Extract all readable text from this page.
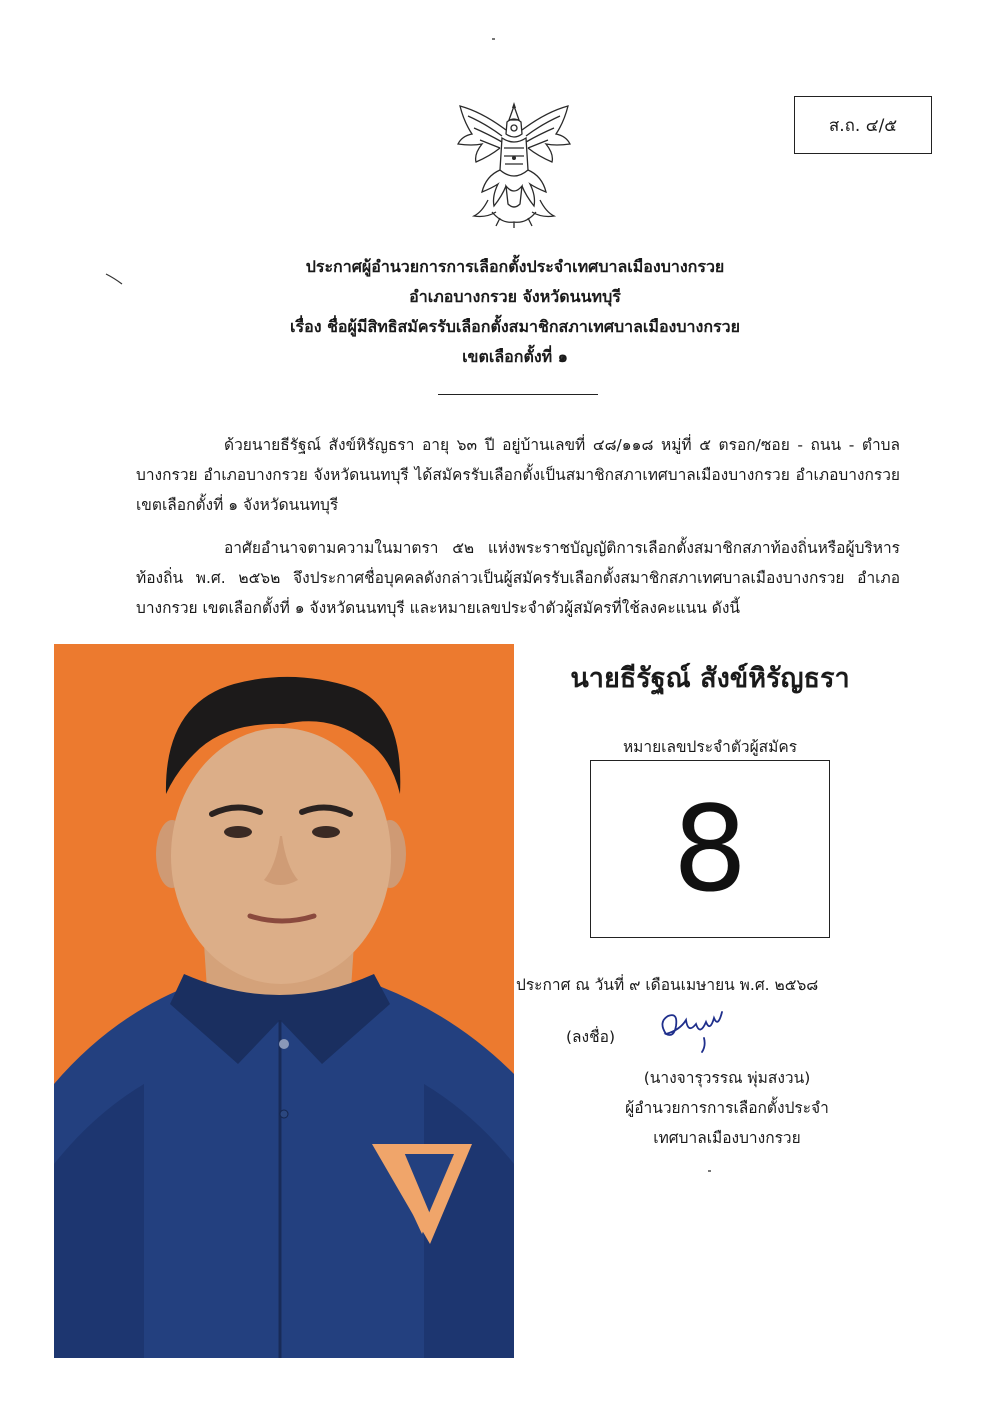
ส.ถ. ๔/๕
ประกาศผู้อำนวยการการเลือกตั้งประจำเทศบาลเมืองบางกรวย
อำเภอบางกรวย จังหวัดนนทบุรี
เรื่อง ชื่อผู้มีสิทธิสมัครรับเลือกตั้งสมาชิกสภาเทศบาลเมืองบางกรวย
เขตเลือกตั้งที่ ๑

ด้วยนายธีรัฐณ์ สังข์หิรัญธรา อายุ ๖๓ ปี อยู่บ้านเลขที่ ๔๘/๑๑๘ หมู่ที่ ๕ ตรอก/ซอย - ถนน - ตำบลบางกรวย อำเภอบางกรวย จังหวัดนนทบุรี ได้สมัครรับเลือกตั้งเป็นสมาชิกสภาเทศบาลเมืองบางกรวย อำเภอบางกรวย เขตเลือกตั้งที่ ๑ จังหวัดนนทบุรี

อาศัยอำนาจตามความในมาตรา ๕๒ แห่งพระราชบัญญัติการเลือกตั้งสมาชิกสภาท้องถิ่นหรือผู้บริหารท้องถิ่น พ.ศ. ๒๕๖๒ จึงประกาศชื่อบุคคลดังกล่าวเป็นผู้สมัครรับเลือกตั้งสมาชิกสภาเทศบาลเมืองบางกรวย อำเภอบางกรวย เขตเลือกตั้งที่ ๑ จังหวัดนนทบุรี และหมายเลขประจำตัวผู้สมัครที่ใช้ลงคะแนน ดังนี้

นายธีรัฐณ์ สังข์หิรัญธรา
หมายเลขประจำตัวผู้สมัคร
8
ประกาศ ณ วันที่ ๙ เดือนเมษายน พ.ศ. ๒๕๖๘
(ลงชื่อ)
(นางจารุวรรณ พุ่มสงวน)
ผู้อำนวยการการเลือกตั้งประจำ
เทศบาลเมืองบางกรวย
